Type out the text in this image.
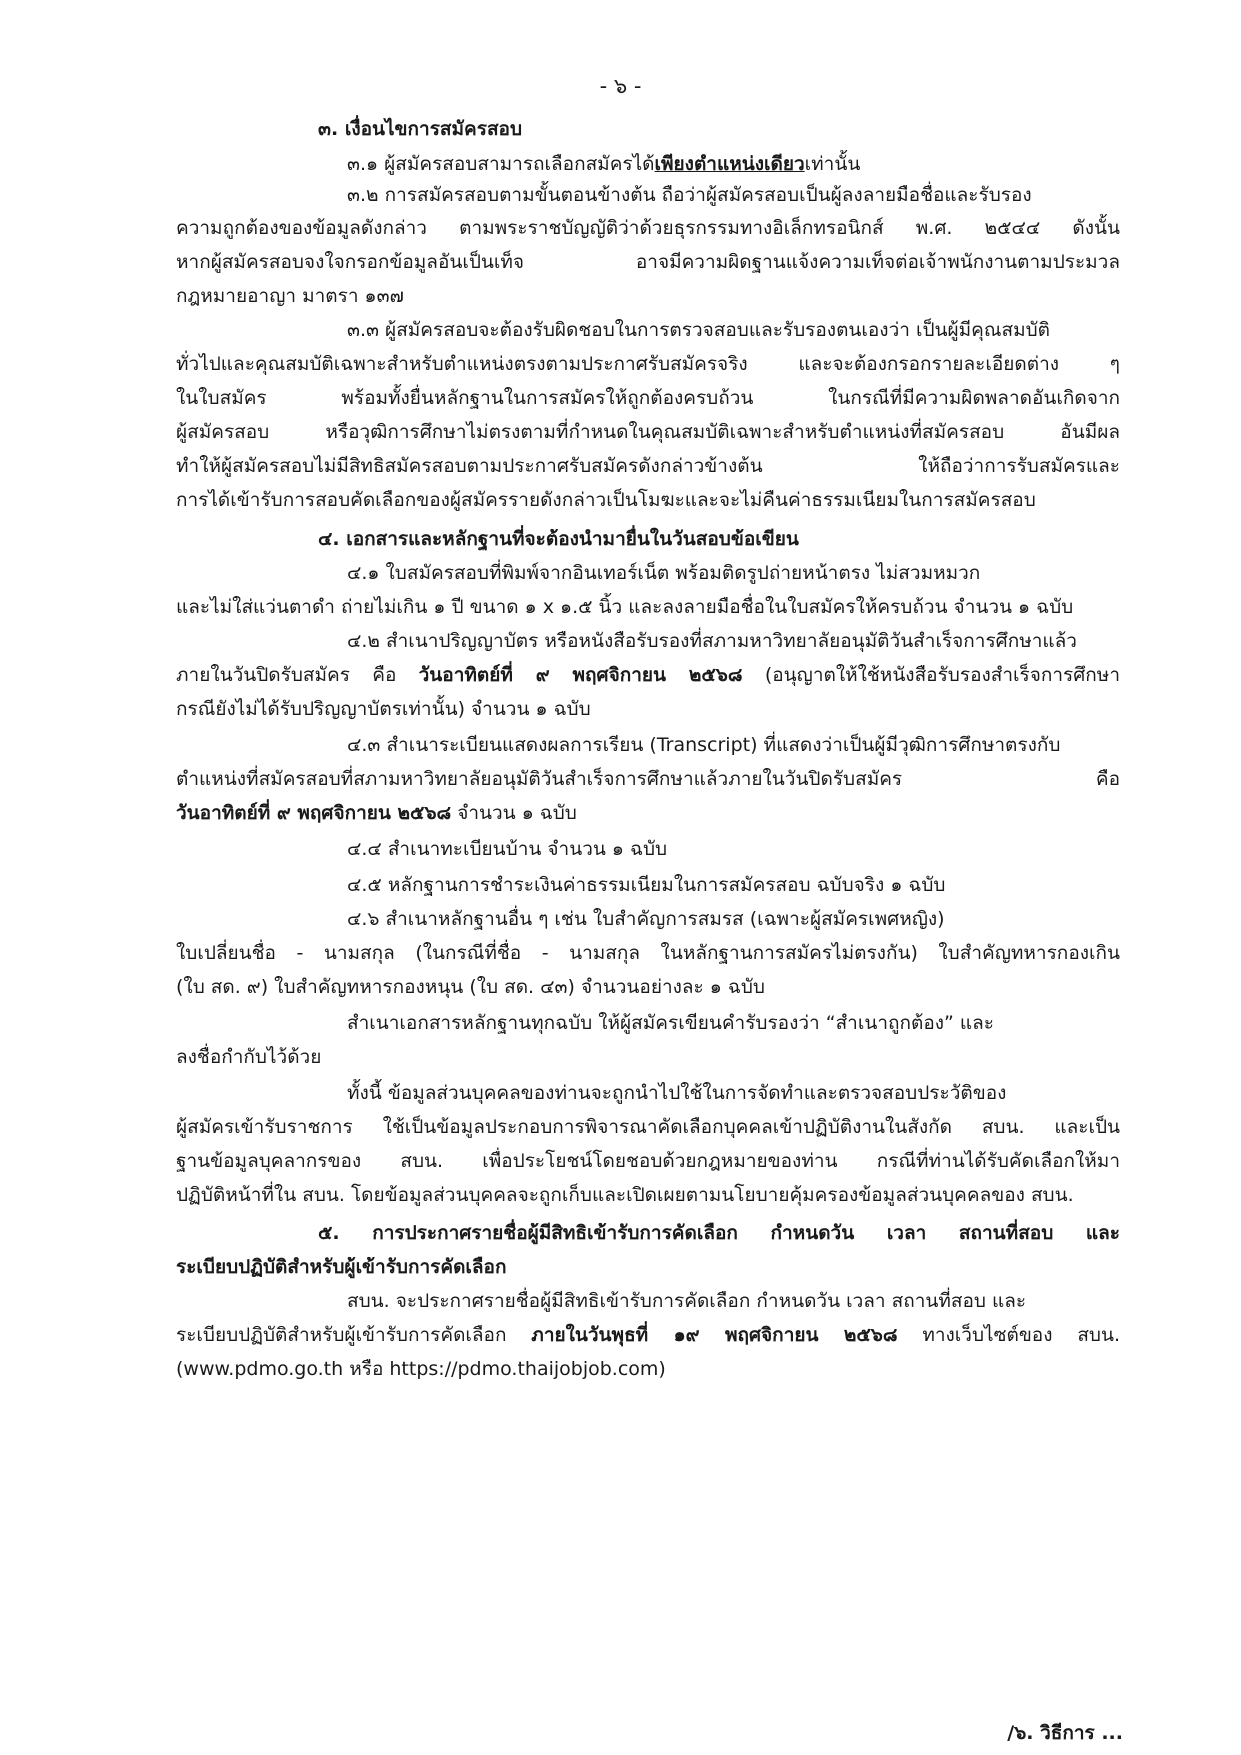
- ๖ -
๓. เงื่อนไขการสมัครสอบ
๓.๑ ผู้สมัครสอบสามารถเลือกสมัครได้เพียงตำแหน่งเดียวเท่านั้น
๓.๒ การสมัครสอบตามขั้นตอนข้างต้น ถือว่าผู้สมัครสอบเป็นผู้ลงลายมือชื่อและรับรอง
ความถูกต้องของข้อมูลดังกล่าว ตามพระราชบัญญัติว่าด้วยธุรกรรมทางอิเล็กทรอนิกส์ พ.ศ. ๒๕๔๔ ดังนั้น
หากผู้สมัครสอบจงใจกรอกข้อมูลอันเป็นเท็จ อาจมีความผิดฐานแจ้งความเท็จต่อเจ้าพนักงานตามประมวล
กฎหมายอาญา มาตรา ๑๓๗
๓.๓ ผู้สมัครสอบจะต้องรับผิดชอบในการตรวจสอบและรับรองตนเองว่า เป็นผู้มีคุณสมบัติ
ทั่วไปและคุณสมบัติเฉพาะสำหรับตำแหน่งตรงตามประกาศรับสมัครจริง และจะต้องกรอกรายละเอียดต่าง ๆ
ในใบสมัคร พร้อมทั้งยื่นหลักฐานในการสมัครให้ถูกต้องครบถ้วน ในกรณีที่มีความผิดพลาดอันเกิดจาก
ผู้สมัครสอบ หรือวุฒิการศึกษาไม่ตรงตามที่กำหนดในคุณสมบัติเฉพาะสำหรับตำแหน่งที่สมัครสอบ อันมีผล
ทำให้ผู้สมัครสอบไม่มีสิทธิสมัครสอบตามประกาศรับสมัครดังกล่าวข้างต้น ให้ถือว่าการรับสมัครและ
การได้เข้ารับการสอบคัดเลือกของผู้สมัครรายดังกล่าวเป็นโมฆะและจะไม่คืนค่าธรรมเนียมในการสมัครสอบ
๔. เอกสารและหลักฐานที่จะต้องนำมายื่นในวันสอบข้อเขียน
๔.๑ ใบสมัครสอบที่พิมพ์จากอินเทอร์เน็ต พร้อมติดรูปถ่ายหน้าตรง ไม่สวมหมวก
และไม่ใส่แว่นตาดำ ถ่ายไม่เกิน ๑ ปี ขนาด ๑ x ๑.๕ นิ้ว และลงลายมือชื่อในใบสมัครให้ครบถ้วน จำนวน ๑ ฉบับ
๔.๒ สำเนาปริญญาบัตร หรือหนังสือรับรองที่สภามหาวิทยาลัยอนุมัติวันสำเร็จการศึกษาแล้ว
ภายในวันปิดรับสมัคร คือ วันอาทิตย์ที่ ๙ พฤศจิกายน ๒๕๖๘ (อนุญาตให้ใช้หนังสือรับรองสำเร็จการศึกษา
กรณียังไม่ได้รับปริญญาบัตรเท่านั้น) จำนวน ๑ ฉบับ
๔.๓ สำเนาระเบียนแสดงผลการเรียน (Transcript) ที่แสดงว่าเป็นผู้มีวุฒิการศึกษาตรงกับ
ตำแหน่งที่สมัครสอบที่สภามหาวิทยาลัยอนุมัติวันสำเร็จการศึกษาแล้วภายในวันปิดรับสมัคร คือ
วันอาทิตย์ที่ ๙ พฤศจิกายน ๒๕๖๘ จำนวน ๑ ฉบับ
๔.๔ สำเนาทะเบียนบ้าน จำนวน ๑ ฉบับ
๔.๕ หลักฐานการชำระเงินค่าธรรมเนียมในการสมัครสอบ ฉบับจริง ๑ ฉบับ
๔.๖ สำเนาหลักฐานอื่น ๆ เช่น ใบสำคัญการสมรส (เฉพาะผู้สมัครเพศหญิง)
ใบเปลี่ยนชื่อ - นามสกุล (ในกรณีที่ชื่อ - นามสกุล ในหลักฐานการสมัครไม่ตรงกัน) ใบสำคัญทหารกองเกิน
(ใบ สด. ๙) ใบสำคัญทหารกองหนุน (ใบ สด. ๔๓) จำนวนอย่างละ ๑ ฉบับ
สำเนาเอกสารหลักฐานทุกฉบับ ให้ผู้สมัครเขียนคำรับรองว่า “สำเนาถูกต้อง” และ
ลงชื่อกำกับไว้ด้วย
ทั้งนี้ ข้อมูลส่วนบุคคลของท่านจะถูกนำไปใช้ในการจัดทำและตรวจสอบประวัติของ
ผู้สมัครเข้ารับราชการ ใช้เป็นข้อมูลประกอบการพิจารณาคัดเลือกบุคคลเข้าปฏิบัติงานในสังกัด สบน. และเป็น
ฐานข้อมูลบุคลากรของ สบน. เพื่อประโยชน์โดยชอบด้วยกฎหมายของท่าน กรณีที่ท่านได้รับคัดเลือกให้มา
ปฏิบัติหน้าที่ใน สบน. โดยข้อมูลส่วนบุคคลจะถูกเก็บและเปิดเผยตามนโยบายคุ้มครองข้อมูลส่วนบุคคลของ สบน.
๕. การประกาศรายชื่อผู้มีสิทธิเข้ารับการคัดเลือก กำหนดวัน เวลา สถานที่สอบ และ
ระเบียบปฏิบัติสำหรับผู้เข้ารับการคัดเลือก
สบน. จะประกาศรายชื่อผู้มีสิทธิเข้ารับการคัดเลือก กำหนดวัน เวลา สถานที่สอบ และ
ระเบียบปฏิบัติสำหรับผู้เข้ารับการคัดเลือก ภายในวันพุธที่ ๑๙ พฤศจิกายน ๒๕๖๘ ทางเว็บไซต์ของ สบน.
(www.pdmo.go.th หรือ https://pdmo.thaijobjob.com)
/๖. วิธีการ ...
